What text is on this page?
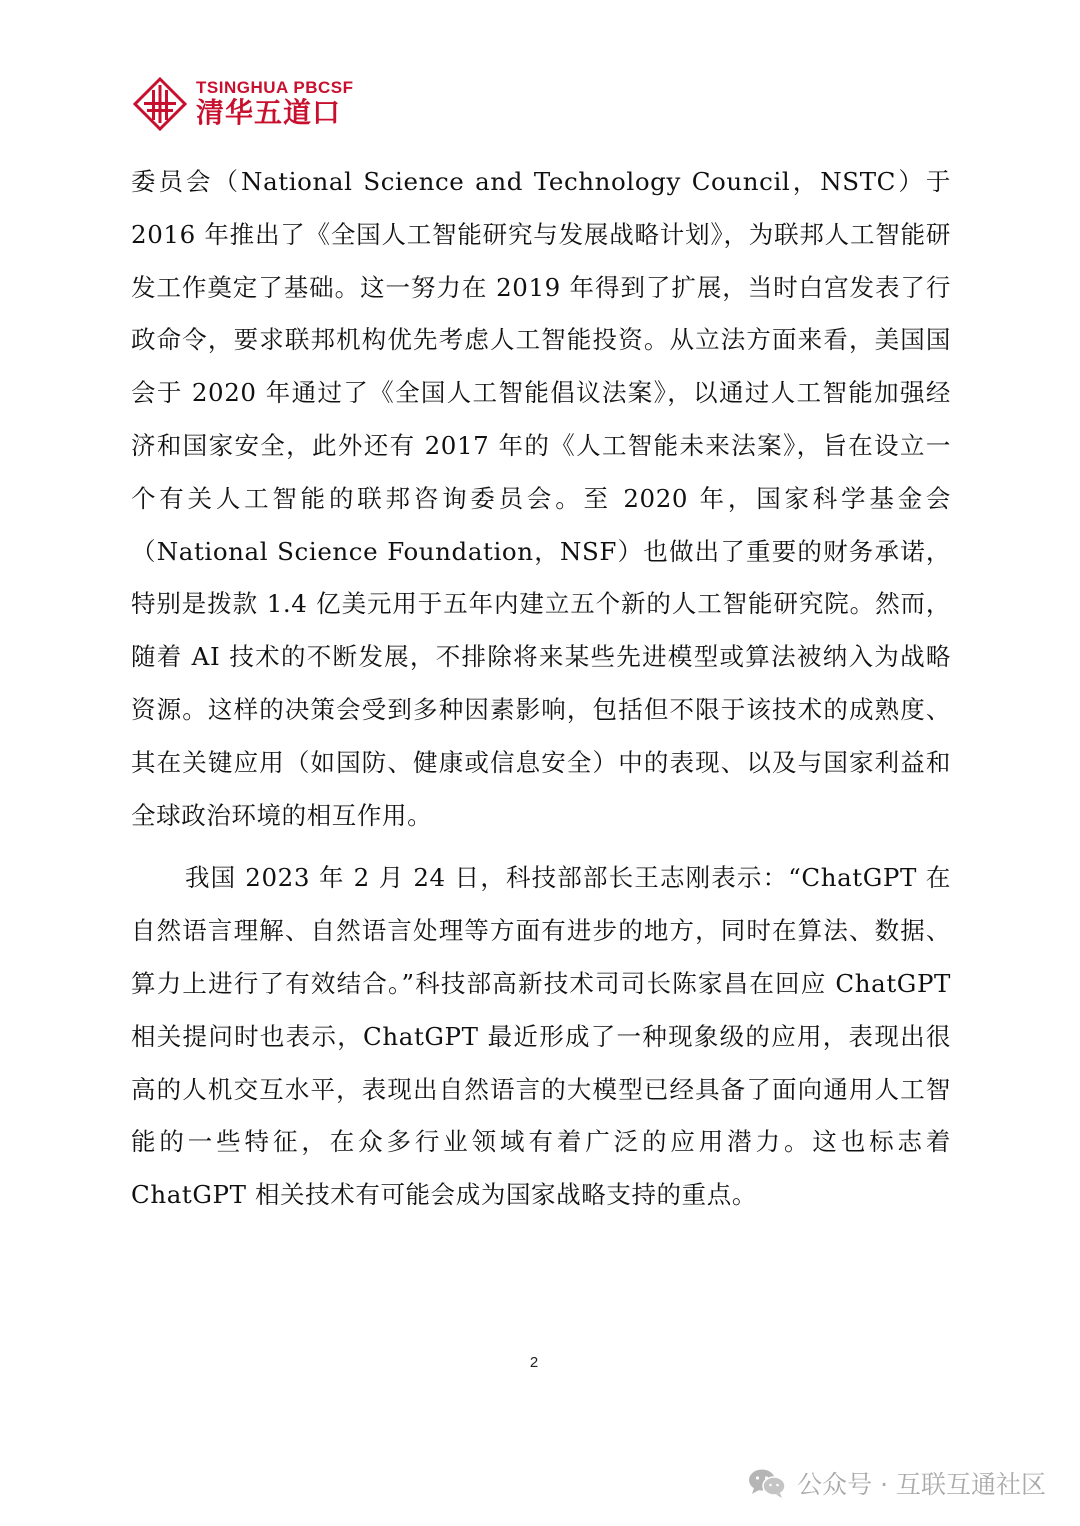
TSINGHUA PBCSF
清华五道口

委员会（National Science and Technology Council，NSTC）于 2016 年推出了《全国人工智能研究与发展战略计划》，为联邦人工智能研发工作奠定了基础。这一努力在 2019 年得到了扩展，当时白宫发表了行政命令，要求联邦机构优先考虑人工智能投资。从立法方面来看，美国国会于 2020 年通过了《全国人工智能倡议法案》，以通过人工智能加强经济和国家安全，此外还有 2017 年的《人工智能未来法案》，旨在设立一个有关人工智能的联邦咨询委员会。至 2020 年，国家科学基金会（National Science Foundation，NSF）也做出了重要的财务承诺，特别是拨款 1.4 亿美元用于五年内建立五个新的人工智能研究院。然而，随着 AI 技术的不断发展，不排除将来某些先进模型或算法被纳入为战略资源。这样的决策会受到多种因素影响，包括但不限于该技术的成熟度、其在关键应用（如国防、健康或信息安全）中的表现、以及与国家利益和全球政治环境的相互作用。

我国 2023 年 2 月 24 日，科技部部长王志刚表示：“ChatGPT 在自然语言理解、自然语言处理等方面有进步的地方，同时在算法、数据、算力上进行了有效结合。”科技部高新技术司司长陈家昌在回应 ChatGPT 相关提问时也表示，ChatGPT 最近形成了一种现象级的应用，表现出很高的人机交互水平，表现出自然语言的大模型已经具备了面向通用人工智能的一些特征，在众多行业领域有着广泛的应用潜力。这也标志着 ChatGPT 相关技术有可能会成为国家战略支持的重点。

2
公众号 · 互联互通社区
